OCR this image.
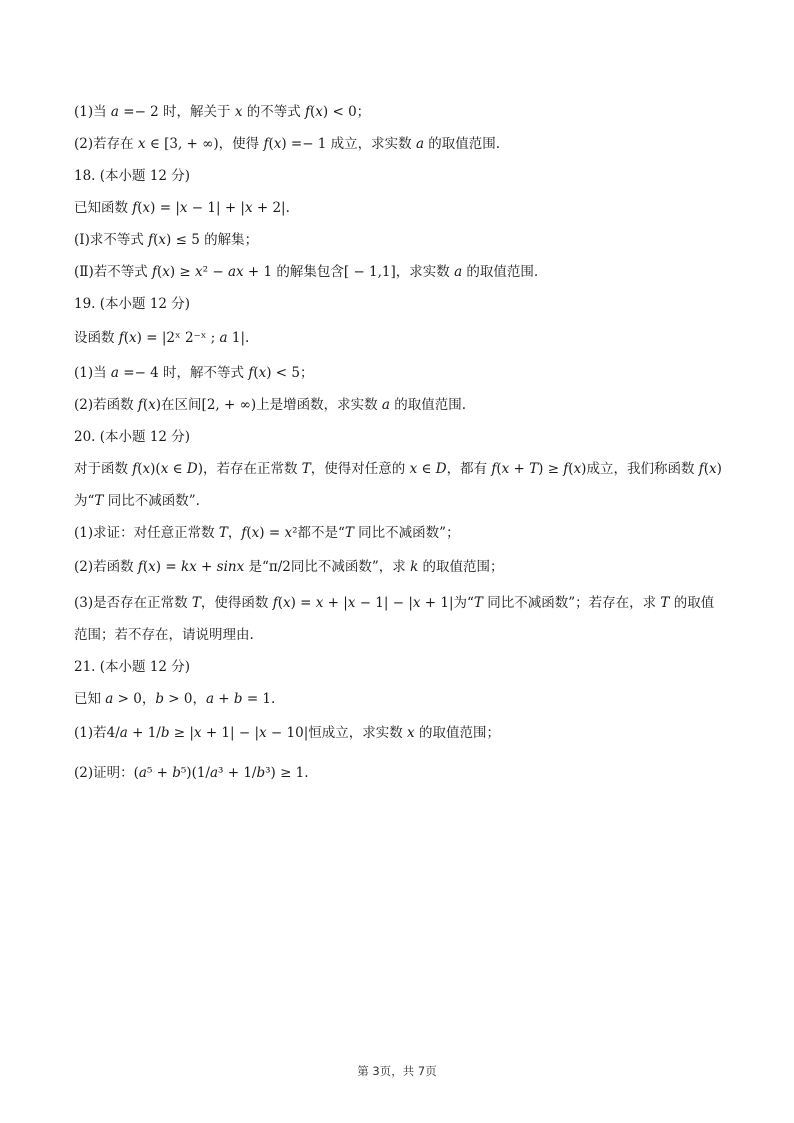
(1)当 𝑎 =− 2 时，解关于 𝑥 的不等式 𝑓(𝑥) < 0；
(2)若存在 𝑥 ∈ [3, + ∞)，使得 𝑓(𝑥) =− 1 成立，求实数 𝑎 的取值范围.
18. (本小题 12 分)
已知函数 𝑓(𝑥) = |𝑥 − 1| + |𝑥 + 2|.
(Ⅰ)求不等式 𝑓(𝑥) ≤ 5 的解集；
(Ⅱ)若不等式 𝑓(𝑥) ≥ 𝑥² − 𝑎𝑥 + 1 的解集包含[ − 1,1]，求实数 𝑎 的取值范围.
19. (本小题 12 分)
设函数 𝑓(𝑥) = |2ˣ 2⁻ˣ ; 𝑎 1|.
(1)当 𝑎 =− 4 时，解不等式 𝑓(𝑥) < 5；
(2)若函数 𝑓(𝑥)在区间[2, + ∞)上是增函数，求实数 𝑎 的取值范围.
20. (本小题 12 分)
对于函数 𝑓(𝑥)(𝑥 ∈ 𝐷)，若存在正常数 𝑇，使得对任意的 𝑥 ∈ 𝐷，都有 𝑓(𝑥 + 𝑇) ≥ 𝑓(𝑥)成立，我们称函数 𝑓(𝑥)
为“𝑇 同比不减函数”.
(1)求证：对任意正常数 𝑇，𝑓(𝑥) = 𝑥²都不是“𝑇 同比不减函数”；
(2)若函数 𝑓(𝑥) = 𝑘𝑥 + 𝑠𝑖𝑛𝑥 是“π/2同比不减函数”，求 𝑘 的取值范围；
(3)是否存在正常数 𝑇，使得函数 𝑓(𝑥) = 𝑥 + |𝑥 − 1| − |𝑥 + 1|为“𝑇 同比不减函数”；若存在，求 𝑇 的取值
范围；若不存在，请说明理由.
21. (本小题 12 分)
已知 𝑎 > 0，𝑏 > 0，𝑎 + 𝑏 = 1.
(1)若4/𝑎 + 1/𝑏 ≥ |𝑥 + 1| − |𝑥 − 10|恒成立，求实数 𝑥 的取值范围；
(2)证明：(𝑎⁵ + 𝑏⁵)(1/𝑎³ + 1/𝑏³) ≥ 1.
第 3页，共 7页
